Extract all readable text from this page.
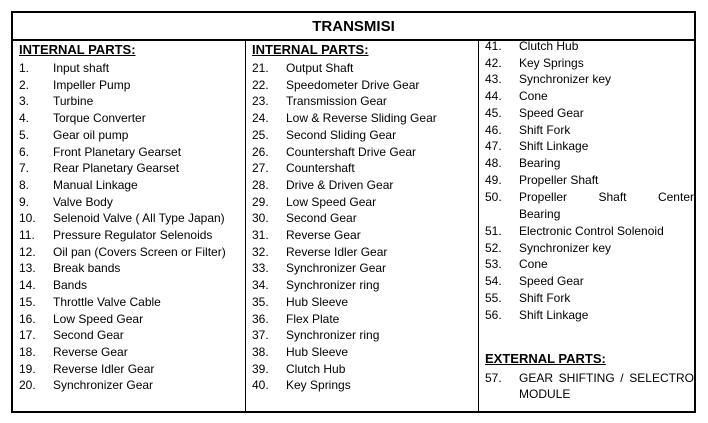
TRANSMISI
INTERNAL PARTS:
1. Input shaft
2. Impeller Pump
3. Turbine
4. Torque Converter
5. Gear oil pump
6. Front Planetary Gearset
7. Rear Planetary Gearset
8. Manual Linkage
9. Valve Body
10. Selenoid Valve ( All Type Japan)
11. Pressure Regulator Selenoids
12. Oil pan (Covers Screen or Filter)
13. Break bands
14. Bands
15. Throttle Valve Cable
16. Low Speed Gear
17. Second Gear
18. Reverse Gear
19. Reverse Idler Gear
20. Synchronizer Gear
INTERNAL PARTS:
21. Output Shaft
22. Speedometer Drive Gear
23. Transmission Gear
24. Low & Reverse Sliding Gear
25. Second Sliding Gear
26. Countershaft Drive Gear
27. Countershaft
28. Drive & Driven Gear
29. Low Speed Gear
30. Second Gear
31. Reverse Gear
32. Reverse Idler Gear
33. Synchronizer Gear
34. Synchronizer ring
35. Hub Sleeve
36. Flex Plate
37. Synchronizer ring
38. Hub Sleeve
39. Clutch Hub
40. Key Springs
41. Clutch Hub
42. Key Springs
43. Synchronizer key
44. Cone
45. Speed Gear
46. Shift Fork
47. Shift Linkage
48. Bearing
49. Propeller Shaft
50. Propeller	Shaft	Center
Bearing
51. Electronic Control Solenoid
52. Synchronizer key
53. Cone
54. Speed Gear
55. Shift Fork
56. Shift Linkage
EXTERNAL PARTS:
57. GEAR SHIFTING / SELECTRO
MODULE
